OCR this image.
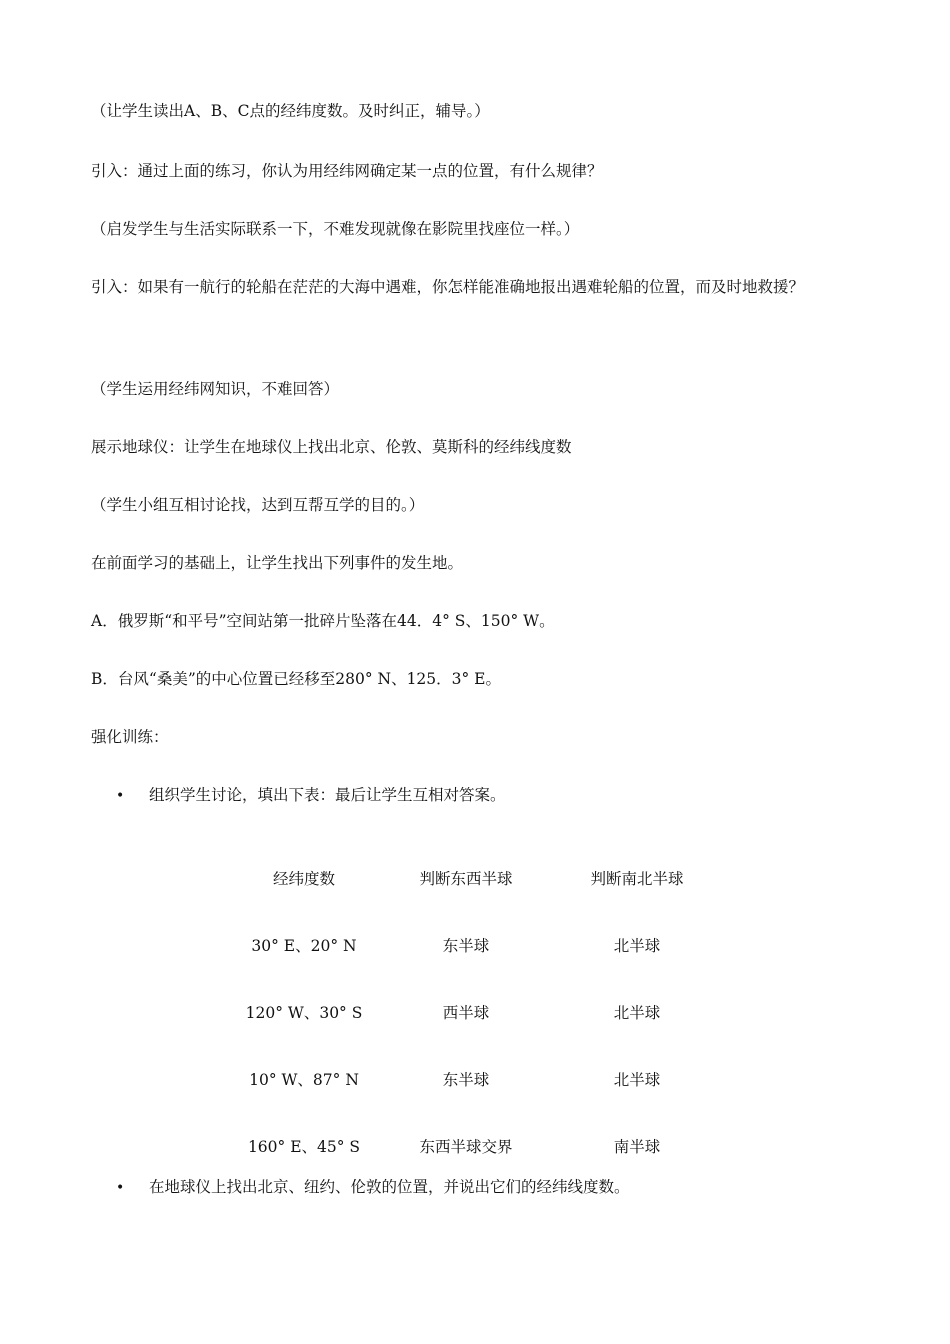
（让学生读出A、B、C点的经纬度数。及时纠正，辅导。）

引入：通过上面的练习，你认为用经纬网确定某一点的位置，有什么规律？

（启发学生与生活实际联系一下，不难发现就像在影院里找座位一样。）

引入：如果有一航行的轮船在茫茫的大海中遇难，你怎样能准确地报出遇难轮船的位置，而及时地救援？

（学生运用经纬网知识，不难回答）

展示地球仪：让学生在地球仪上找出北京、伦敦、莫斯科的经纬线度数

（学生小组互相讨论找，达到互帮互学的目的。）

在前面学习的基础上，让学生找出下列事件的发生地。

A．俄罗斯“和平号”空间站第一批碎片坠落在44．4° S、150° W。

B．台风“桑美”的中心位置已经移至280° N、125．3° E。

强化训练：

• 组织学生讨论，填出下表：最后让学生互相对答案。
经纬度数	判断东西半球	判断南北半球
30° E、20° N	东半球	北半球
120° W、30° S	西半球	北半球
10° W、87° N	东半球	北半球
160° E、45° S	东西半球交界	南半球
• 在地球仪上找出北京、纽约、伦敦的位置，并说出它们的经纬线度数。
